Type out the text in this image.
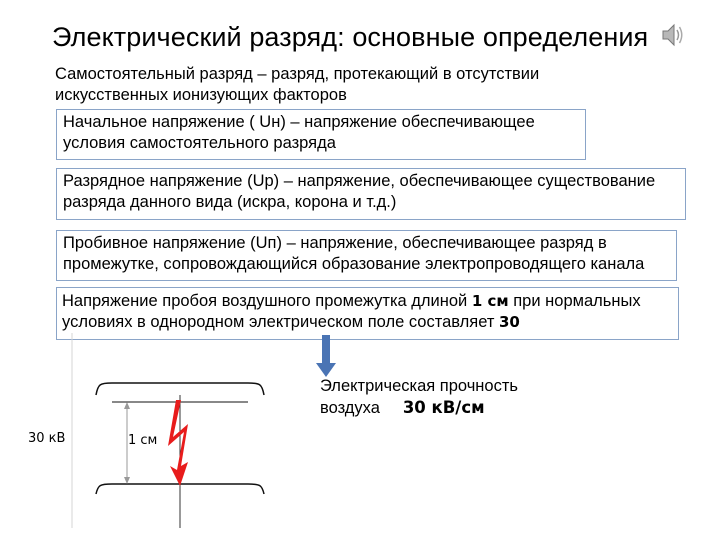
Электрический разряд: основные определения
Самостоятельный разряд – разряд, протекающий в отсутствии искусственных ионизующих факторов
Начальное напряжение ( Uн) – напряжение обеспечивающее условия самостоятельного разряда
Разрядное напряжение (Uр) – напряжение, обеспечивающее существование разряда данного вида (искра, корона и т.д.)
Пробивное напряжение (Uп) – напряжение, обеспечивающее разряд в промежутке, сопровождающийся образование электропроводящего канала
Напряжение пробоя воздушного промежутка длиной 1 см при нормальных условиях в однородном электрическом поле составляет 30
Электрическая прочность
воздуха 30 кВ/см
30 кВ	1 см
